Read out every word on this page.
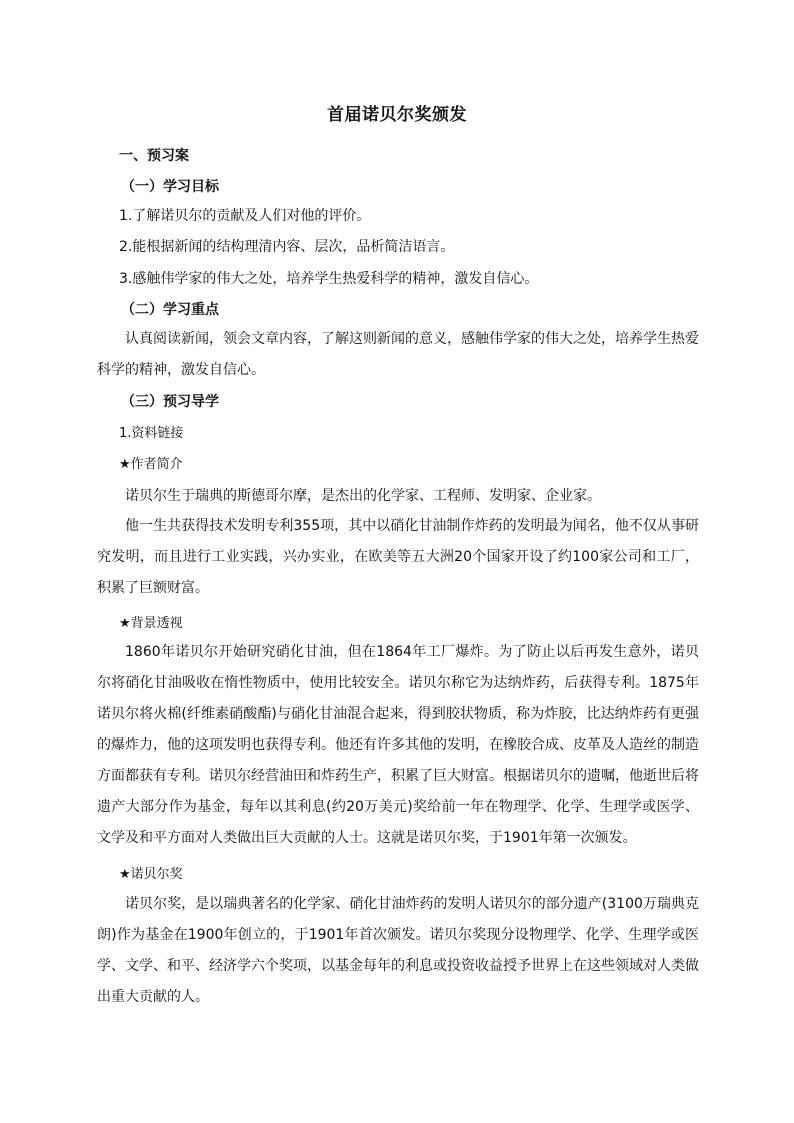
首届诺贝尔奖颁发
一、预习案
（一）学习目标
1.了解诺贝尔的贡献及人们对他的评价。
2.能根据新闻的结构理清内容、层次，品析简洁语言。
3.感触伟学家的伟大之处，培养学生热爱科学的精神，激发自信心。
（二）学习重点

认真阅读新闻，领会文章内容，了解这则新闻的意义，感触伟学家的伟大之处，培养学生热爱科学的精神，激发自信心。

（三）预习导学
1.资料链接
★作者简介

诺贝尔生于瑞典的斯德哥尔摩，是杰出的化学家、工程师、发明家、企业家。

他一生共获得技术发明专利355项，其中以硝化甘油制作炸药的发明最为闻名，他不仅从事研究发明，而且进行工业实践，兴办实业，在欧美等五大洲20个国家开设了约100家公司和工厂，积累了巨额财富。

★背景透视

1860年诺贝尔开始研究硝化甘油，但在1864年工厂爆炸。为了防止以后再发生意外，诺贝尔将硝化甘油吸收在惰性物质中，使用比较安全。诺贝尔称它为达纳炸药，后获得专利。1875年诺贝尔将火棉(纤维素硝酸酯)与硝化甘油混合起来，得到胶状物质，称为炸胶，比达纳炸药有更强的爆炸力，他的这项发明也获得专利。他还有许多其他的发明，在橡胶合成、皮革及人造丝的制造方面都获有专利。诺贝尔经营油田和炸药生产，积累了巨大财富。根据诺贝尔的遗嘱，他逝世后将遗产大部分作为基金，每年以其利息(约20万美元)奖给前一年在物理学、化学、生理学或医学、文学及和平方面对人类做出巨大贡献的人士。这就是诺贝尔奖，于1901年第一次颁发。

★诺贝尔奖

诺贝尔奖，是以瑞典著名的化学家、硝化甘油炸药的发明人诺贝尔的部分遗产(3100万瑞典克朗)作为基金在1900年创立的，于1901年首次颁发。诺贝尔奖现分设物理学、化学、生理学或医学、文学、和平、经济学六个奖项，以基金每年的利息或投资收益授予世界上在这些领域对人类做出重大贡献的人。
